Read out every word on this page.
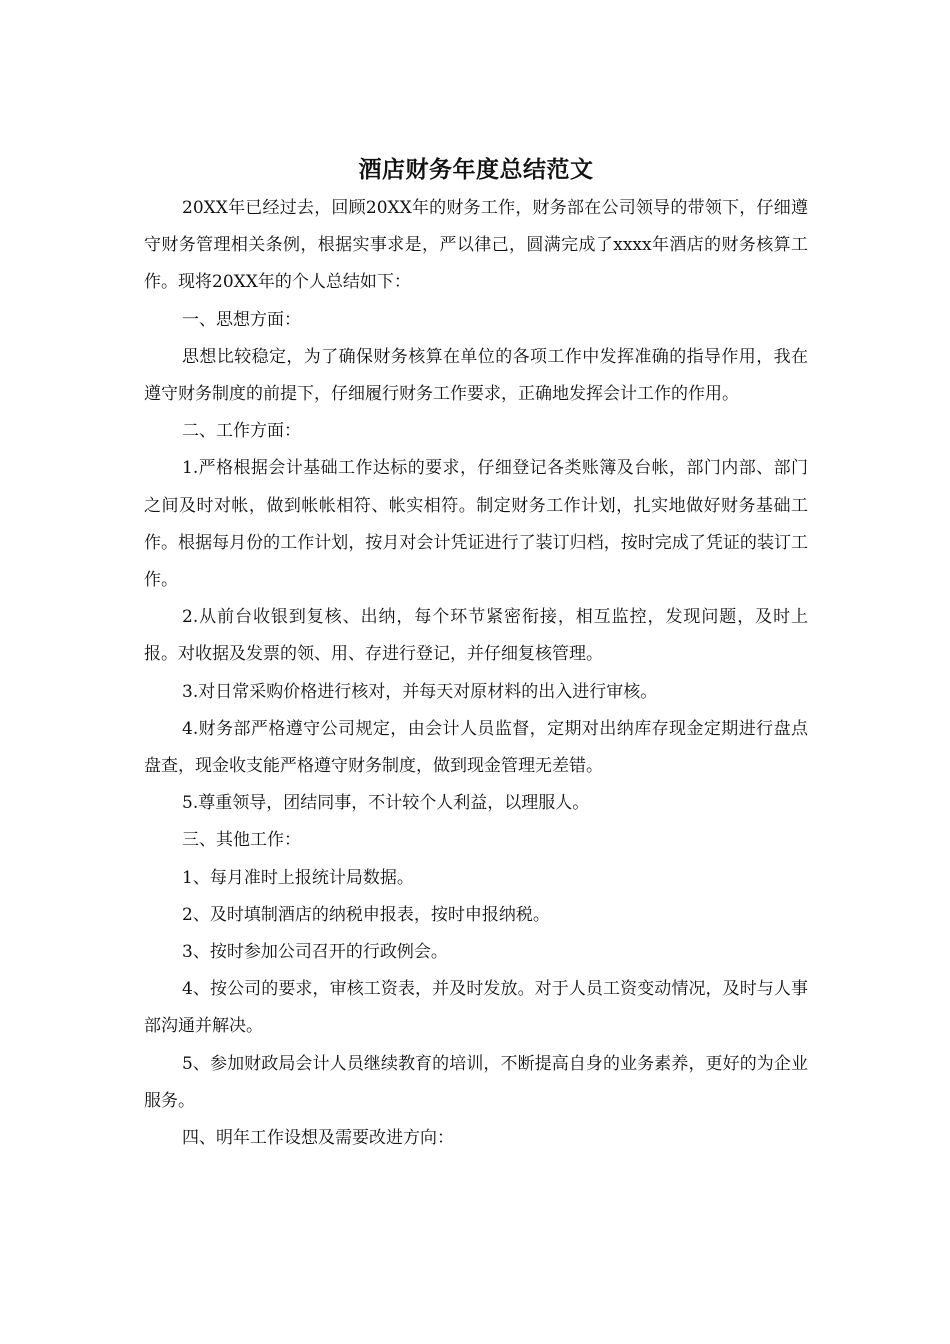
酒店财务年度总结范文

20XX年已经过去，回顾20XX年的财务工作，财务部在公司领导的带领下，仔细遵守财务管理相关条例，根据实事求是，严以律己，圆满完成了xxxx年酒店的财务核算工作。现将20XX年的个人总结如下：

一、思想方面：

思想比较稳定，为了确保财务核算在单位的各项工作中发挥准确的指导作用，我在遵守财务制度的前提下，仔细履行财务工作要求，正确地发挥会计工作的作用。

二、工作方面：

1.严格根据会计基础工作达标的要求，仔细登记各类账簿及台帐，部门内部、部门之间及时对帐，做到帐帐相符、帐实相符。制定财务工作计划，扎实地做好财务基础工作。根据每月份的工作计划，按月对会计凭证进行了装订归档，按时完成了凭证的装订工作。

2.从前台收银到复核、出纳，每个环节紧密衔接，相互监控，发现问题，及时上报。对收据及发票的领、用、存进行登记，并仔细复核管理。

3.对日常采购价格进行核对，并每天对原材料的出入进行审核。

4.财务部严格遵守公司规定，由会计人员监督，定期对出纳库存现金定期进行盘点盘查，现金收支能严格遵守财务制度，做到现金管理无差错。

5.尊重领导，团结同事，不计较个人利益，以理服人。

三、其他工作：

1、每月准时上报统计局数据。

2、及时填制酒店的纳税申报表，按时申报纳税。

3、按时参加公司召开的行政例会。

4、按公司的要求，审核工资表，并及时发放。对于人员工资变动情况，及时与人事部沟通并解决。

5、参加财政局会计人员继续教育的培训，不断提高自身的业务素养，更好的为企业服务。

四、明年工作设想及需要改进方向：
